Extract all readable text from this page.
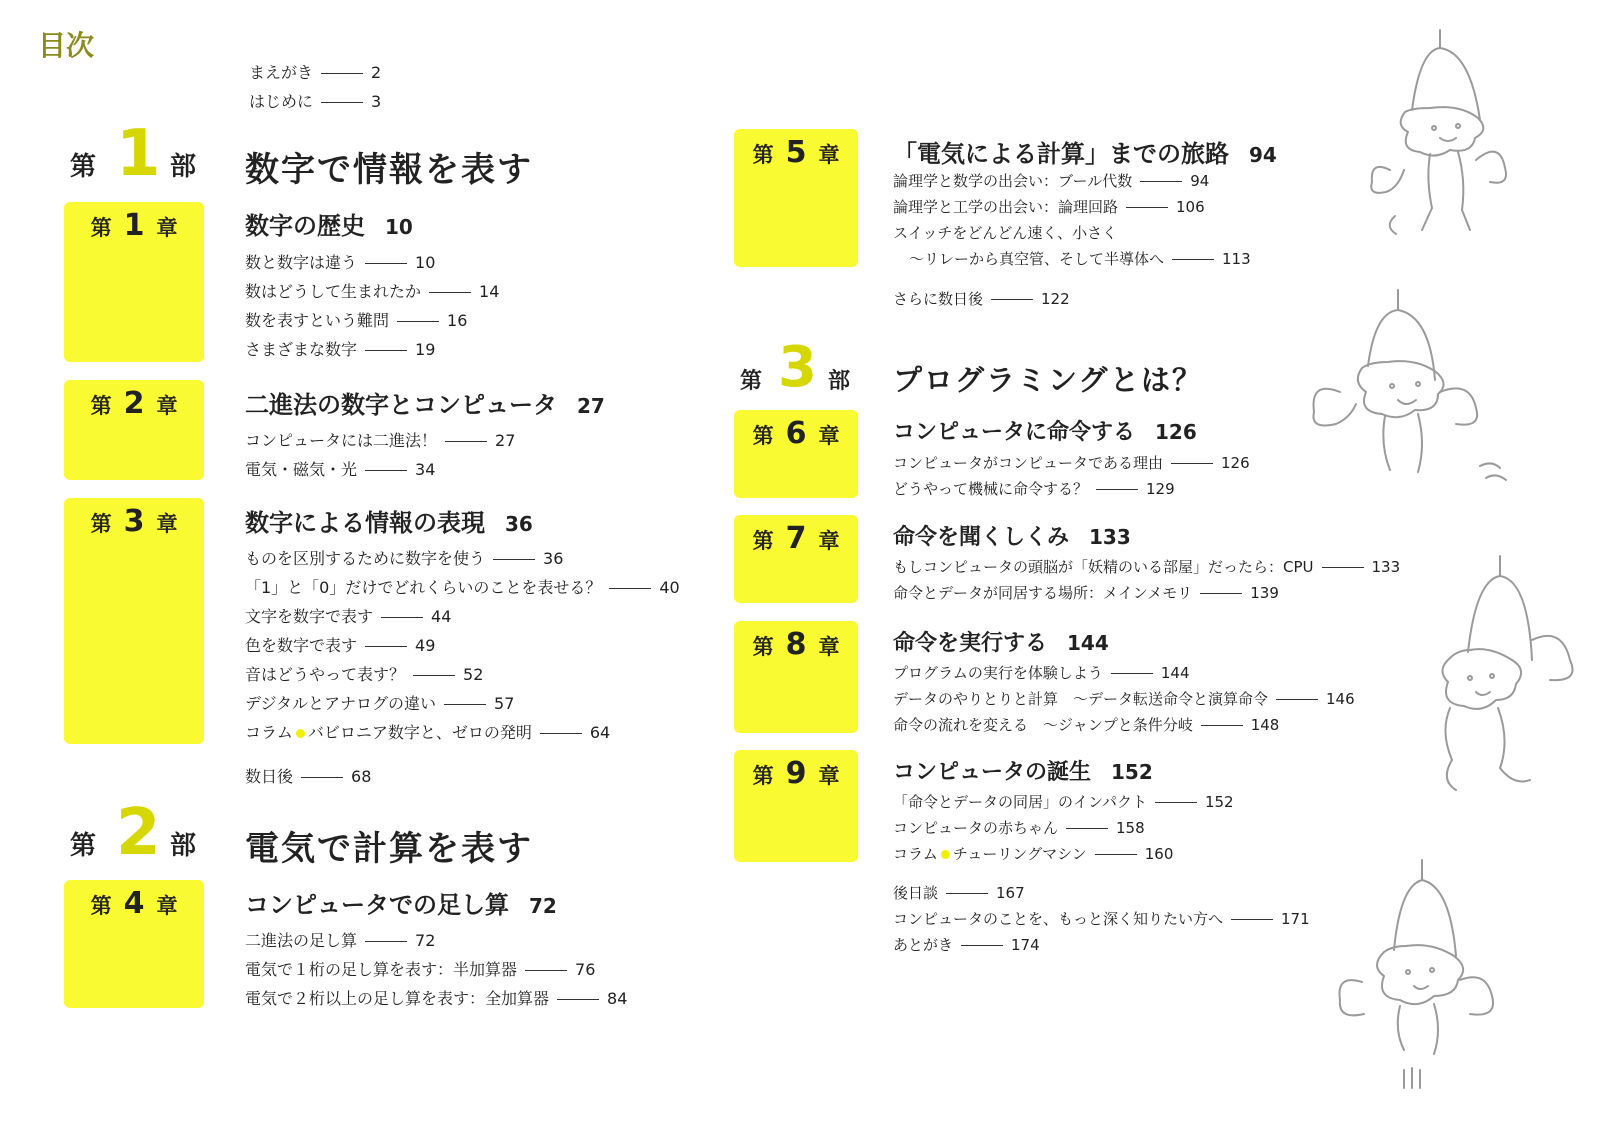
目次
まえがき	2
はじめに	3
第 1 部 数字で情報を表す
第 1 章	数字の歴史 10
数と数字は違う	10
数はどうして生まれたか	14
数を表すという難問	16
さまざまな数字	19
第 2 章	二進法の数字とコンピュータ 27
コンピュータには二進法！	27
電気・磁気・光	34
第 3 章	数字による情報の表現 36
ものを区別するために数字を使う	36
「1」と「0」だけでどれくらいのことを表せる？	40
文字を数字で表す	44
色を数字で表す	49
音はどうやって表す？	52
デジタルとアナログの違い	57
コラム バビロニア数字と、ゼロの発明	64
数日後	68
第 2 部 電気で計算を表す
第 4 章	コンピュータでの足し算 72
二進法の足し算	72
電気で１桁の足し算を表す：半加算器	76
電気で２桁以上の足し算を表す：全加算器	84
第 5 章	「電気による計算」までの旅路 94
論理学と数学の出会い：ブール代数	94
論理学と工学の出会い：論理回路	106
スイッチをどんどん速く、小さく
～リレーから真空管、そして半導体へ	113
さらに数日後	122
第 3 部 プログラミングとは？
第 6 章	コンピュータに命令する 126
コンピュータがコンピュータである理由	126
どうやって機械に命令する？	129
第 7 章	命令を聞くしくみ 133
もしコンピュータの頭脳が「妖精のいる部屋」だったら：CPU	133
命令とデータが同居する場所：メインメモリ	139
第 8 章	命令を実行する 144
プログラムの実行を体験しよう	144
データのやりとりと計算　～データ転送命令と演算命令	146
命令の流れを変える　～ジャンプと条件分岐	148
第 9 章	コンピュータの誕生 152
「命令とデータの同居」のインパクト	152
コンピュータの赤ちゃん	158
コラム チューリングマシン	160
後日談	167
コンピュータのことを、もっと深く知りたい方へ	171
あとがき	174
